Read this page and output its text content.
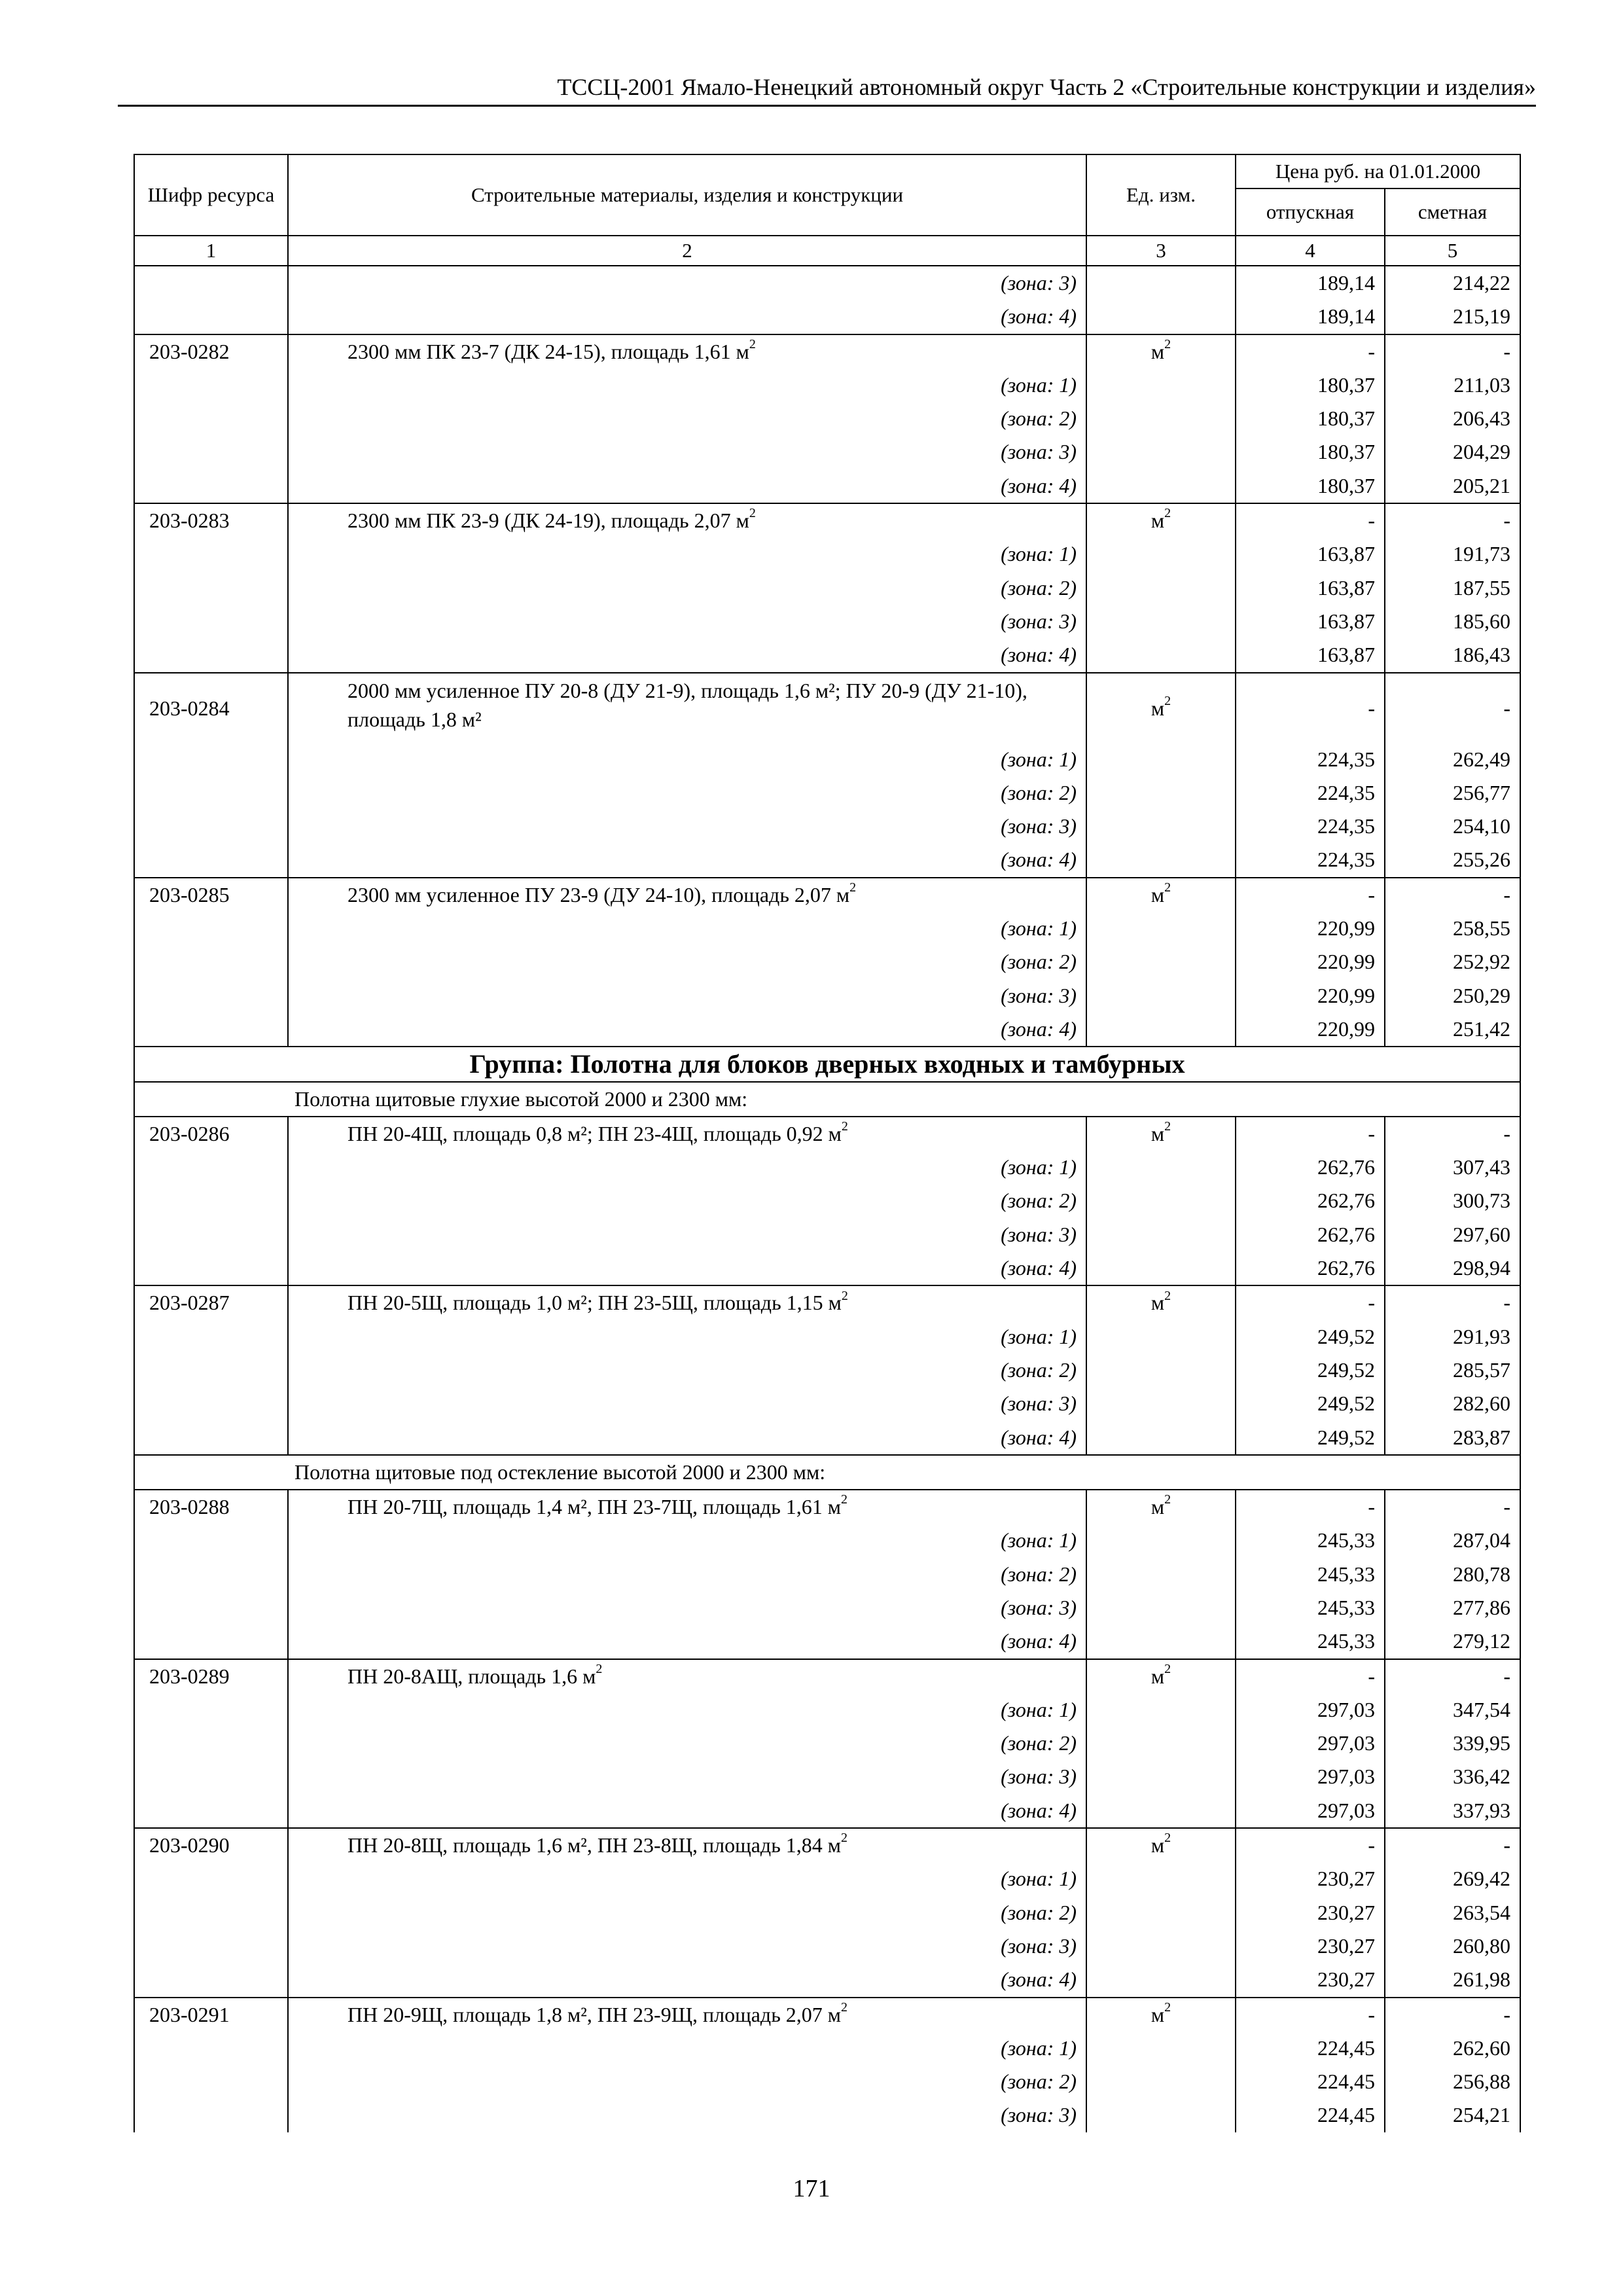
ТССЦ-2001 Ямало-Ненецкий автономный округ Часть 2 «Строительные конструкции и изделия»
Шифр ресурса	Строительные материалы, изделия и конструкции	Ед. изм.	Цена руб. на 01.01.2000	
			отпускная	сметная
1	2	3	4	5
	(зона: 3)		189,14	214,22
	(зона: 4)		189,14	215,19
203-0282	2300 мм ПК 23-7 (ДК 24-15), площадь 1,61 $м^2$	$м^2$	-	-
	(зона: 1)		180,37	211,03
	(зона: 2)		180,37	206,43
	(зона: 3)		180,37	204,29
	(зона: 4)		180,37	205,21
203-0283	2300 мм ПК 23-9 (ДК 24-19), площадь 2,07 $м^2$	$м^2$	-	-
	(зона: 1)		163,87	191,73
	(зона: 2)		163,87	187,55
	(зона: 3)		163,87	185,60
	(зона: 4)		163,87	186,43
203-0284	2000 мм усиленное ПУ 20-8 (ДУ 21-9), площадь 1,6 м²; ПУ 20-9 (ДУ 21-10), площадь 1,8 м²	$м^2$	-	-
	(зона: 1)		224,35	262,49
	(зона: 2)		224,35	256,77
	(зона: 3)		224,35	254,10
	(зона: 4)		224,35	255,26
203-0285	2300 мм усиленное ПУ 23-9 (ДУ 24-10), площадь 2,07 $м^2$	$м^2$	-	-
	(зона: 1)		220,99	258,55
	(зона: 2)		220,99	252,92
	(зона: 3)		220,99	250,29
	(зона: 4)		220,99	251,42
Группа: Полотна для блоков дверных входных и тамбурных				
Полотна щитовые глухие высотой 2000 и 2300 мм:				
203-0286	ПН 20-4Щ, площадь 0,8 м²; ПН 23-4Щ, площадь 0,92 $м^2$	$м^2$	-	-
	(зона: 1)		262,76	307,43
	(зона: 2)		262,76	300,73
	(зона: 3)		262,76	297,60
	(зона: 4)		262,76	298,94
203-0287	ПН 20-5Щ, площадь 1,0 м²; ПН 23-5Щ, площадь 1,15 $м^2$	$м^2$	-	-
	(зона: 1)		249,52	291,93
	(зона: 2)		249,52	285,57
	(зона: 3)		249,52	282,60
	(зона: 4)		249,52	283,87
Полотна щитовые под остекление высотой 2000 и 2300 мм:				
203-0288	ПН 20-7Щ, площадь 1,4 м², ПН 23-7Щ, площадь 1,61 $м^2$	$м^2$	-	-
	(зона: 1)		245,33	287,04
	(зона: 2)		245,33	280,78
	(зона: 3)		245,33	277,86
	(зона: 4)		245,33	279,12
203-0289	ПН 20-8АЩ, площадь 1,6 $м^2$	$м^2$	-	-
	(зона: 1)		297,03	347,54
	(зона: 2)		297,03	339,95
	(зона: 3)		297,03	336,42
	(зона: 4)		297,03	337,93
203-0290	ПН 20-8Щ, площадь 1,6 м², ПН 23-8Щ, площадь 1,84 $м^2$	$м^2$	-	-
	(зона: 1)		230,27	269,42
	(зона: 2)		230,27	263,54
	(зона: 3)		230,27	260,80
	(зона: 4)		230,27	261,98
203-0291	ПН 20-9Щ, площадь 1,8 м², ПН 23-9Щ, площадь 2,07 $м^2$	$м^2$	-	-
	(зона: 1)		224,45	262,60
	(зона: 2)		224,45	256,88
	(зона: 3)		224,45	254,21
171
